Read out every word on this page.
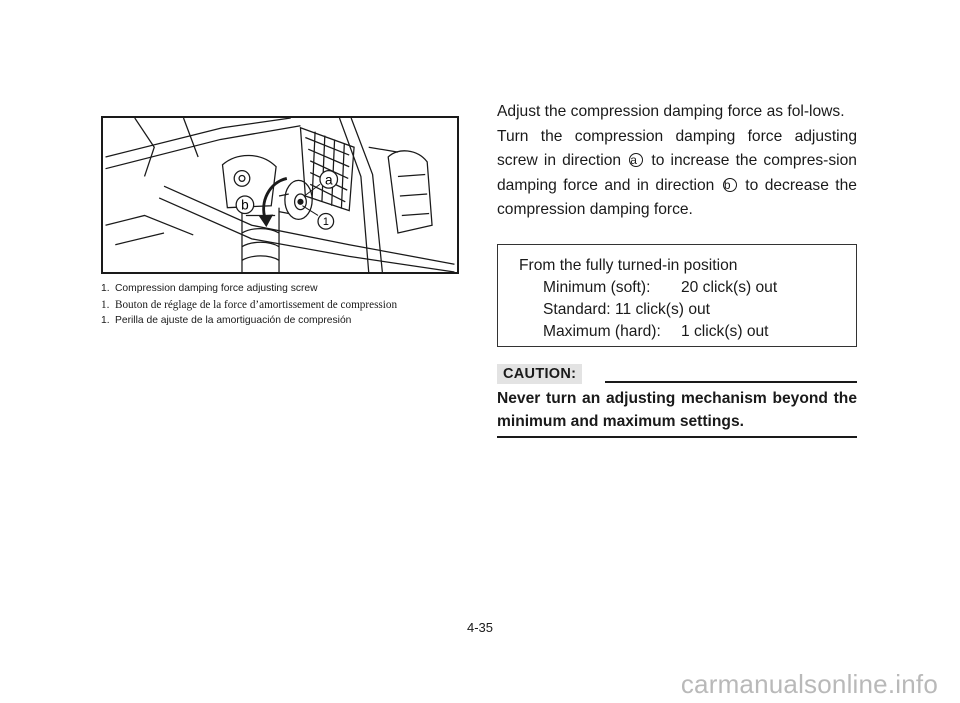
a
b
1
1. Compression damping force adjusting screw
1. Bouton de réglage de la force d’amortissement de compression
1. Perilla de ajuste de la amortiguación de compresión

Adjust the compression damping force as fol-lows.

Turn the compression damping force adjusting screw in direction a to increase the compres-sion damping force and in direction b to decrease the compression damping force.

From the fully turned-in position
Minimum (soft): 20 click(s) out
Standard: 11 click(s) out
Maximum (hard): 1 click(s) out
CAUTION:

Never turn an adjusting mechanism beyond the minimum and maximum settings.

4-35
carmanualsonline.info
